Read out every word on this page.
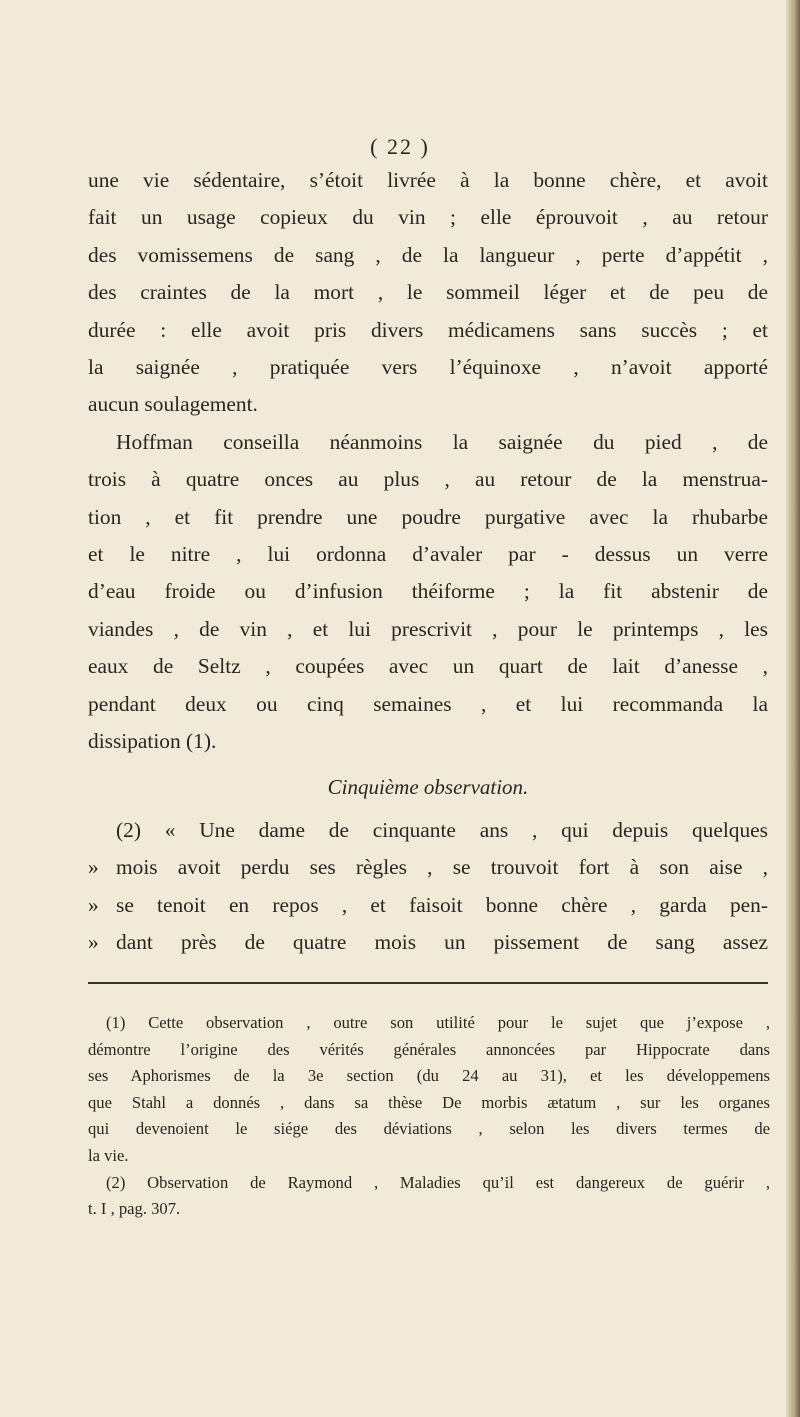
( 22 )

une vie sédentaire, s’étoit livrée à la bonne chère, et avoit
fait un usage copieux du vin ; elle éprouvoit , au retour
des vomissemens de sang , de la langueur , perte d’appétit ,
des craintes de la mort , le sommeil léger et de peu de
durée : elle avoit pris divers médicamens sans succès ; et
la saignée , pratiquée vers l’équinoxe , n’avoit apporté
aucun soulagement.

Hoffman conseilla néanmoins la saignée du pied , de
trois à quatre onces au plus , au retour de la menstrua-
tion , et fit prendre une poudre purgative avec la rhubarbe
et le nitre , lui ordonna d’avaler par - dessus un verre
d’eau froide ou d’infusion théiforme ; la fit abstenir de
viandes , de vin , et lui prescrivit , pour le printemps , les
eaux de Seltz , coupées avec un quart de lait d’anesse ,
pendant deux ou cinq semaines , et lui recommanda la
dissipation (1).

Cinquième observation.

(2) « Une dame de cinquante ans , qui depuis quelques
» mois avoit perdu ses règles , se trouvoit fort à son aise ,
» se tenoit en repos , et faisoit bonne chère , garda pen-
» dant près de quatre mois un pissement de sang assez

(1) Cette observation , outre son utilité pour le sujet que j’expose ,
démontre l’origine des vérités générales annoncées par Hippocrate dans
ses Aphorismes de la 3e section (du 24 au 31), et les développemens
que Stahl a donnés , dans sa thèse De morbis ætatum , sur les organes
qui devenoient le siége des déviations , selon les divers termes de
la vie.

(2) Observation de Raymond , Maladies qu’il est dangereux de guérir ,
t. I , pag. 307.
